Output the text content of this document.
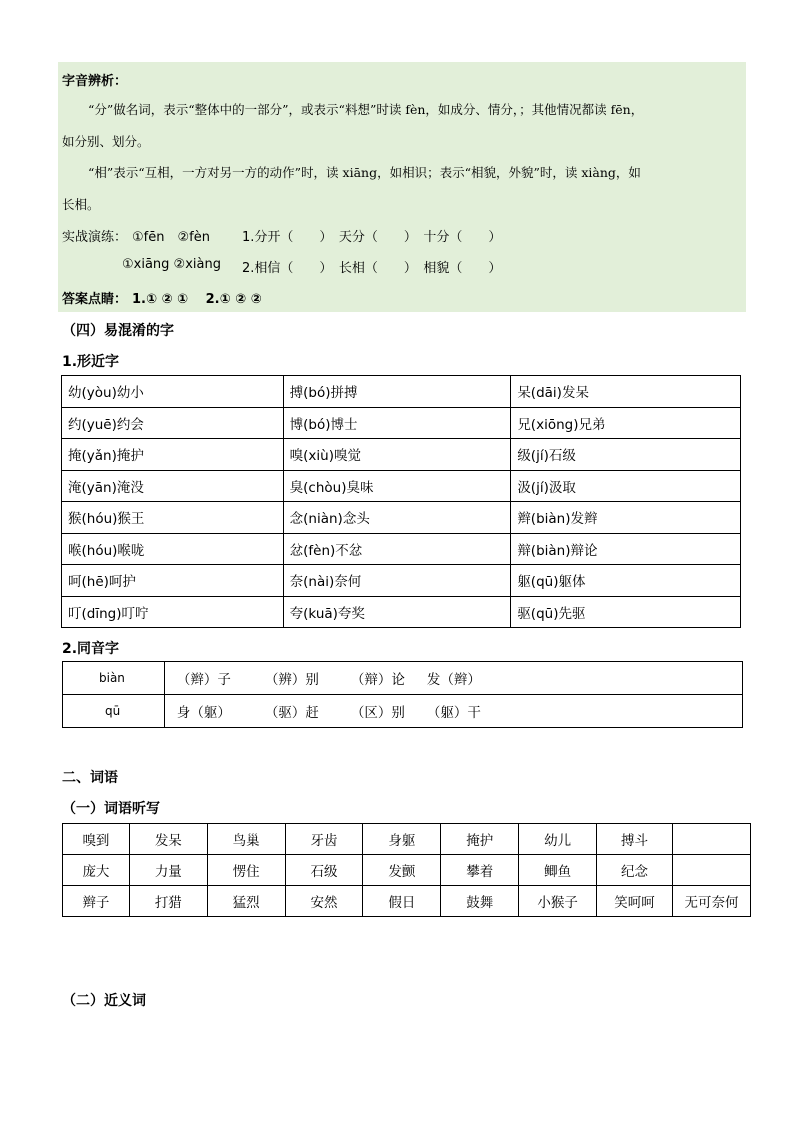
字音辨析：
“分”做名词，表示“整体中的一部分”，或表示“料想”时读 fèn，如成分、情分，；其他情况都读 fēn，
如分别、划分。
“相”表示“互相，一方对另一方的动作”时，读 xiāng，如相识；表示“相貌，外貌”时，读 xiàng，如
长相。
实战演练： ①fēn　②fèn 1.分开（　　）　天分（　　）　十分（　　）
①xiāng ②xiàng 2.相信（　　）　长相（　　）　相貌（　　）
答案点睛： 1.① ② ①　 2.① ② ②
（四）易混淆的字
1.形近字
幼(yòu)幼小	搏(bó)拼搏	呆(dāi)发呆
约(yuē)约会	博(bó)博士	兄(xiōng)兄弟
掩(yǎn)掩护	嗅(xiù)嗅觉	级(jí)石级
淹(yān)淹没	臭(chòu)臭味	汲(jí)汲取
猴(hóu)猴王	念(niàn)念头	辫(biàn)发辫
喉(hóu)喉咙	忿(fèn)不忿	辩(biàn)辩论
呵(hē)呵护	奈(nài)奈何	躯(qū)躯体
叮(dīng)叮咛	夸(kuā)夸奖	驱(qū)先驱
2.同音字
biàn	（辫）子 （辨）别 （辩）论 发（辫）
qū	身（躯） （驱）赶 （区）别 （躯）干
二、词语
（一）词语听写
嗅到	发呆	鸟巢	牙齿	身躯	掩护	幼儿	搏斗	
庞大	力量	愣住	石级	发颤	攀着	鲫鱼	纪念	
辫子	打猎	猛烈	安然	假日	鼓舞	小猴子	笑呵呵	无可奈何
（二）近义词
